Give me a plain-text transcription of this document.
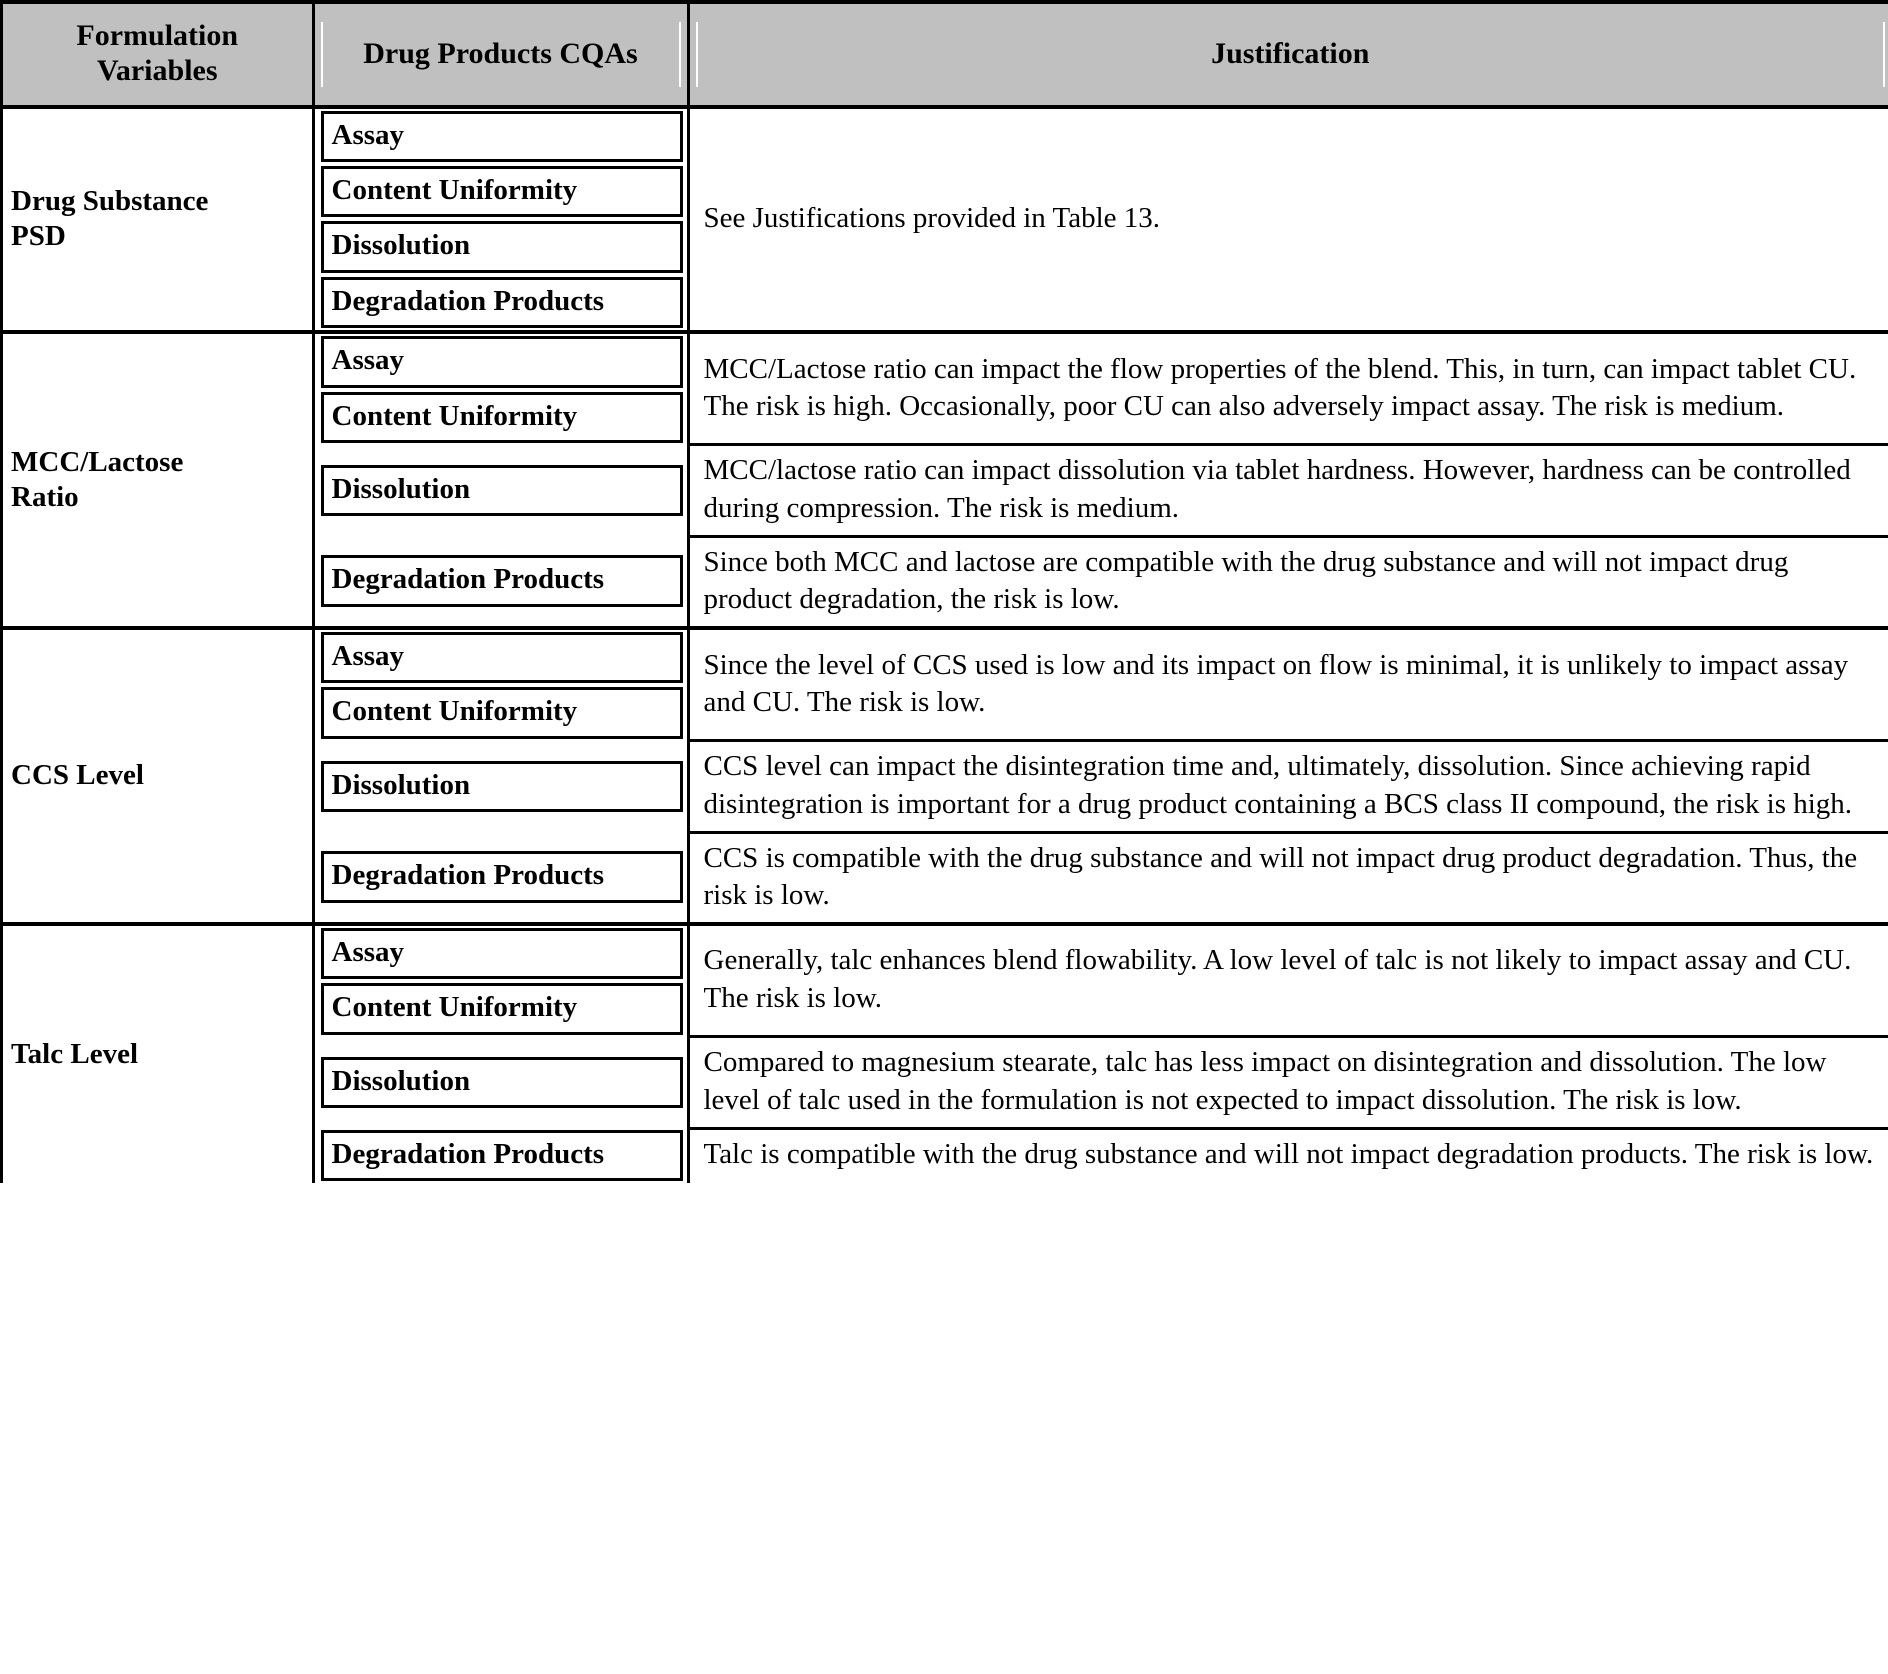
Formulation
Variables	Drug Products CQAs	Justification

Drug Substance
PSD	Assay	See Justifications provided in Table 13.

Content Uniformity	

Dissolution	

Degradation Products	

MCC/Lactose
Ratio	Assay	MCC/Lactose ratio can impact the flow properties of the blend. This, in turn, can impact tablet CU. The risk is high. Occasionally, poor CU can also adversely impact assay. The risk is medium.

Content Uniformity	

Dissolution	MCC/lactose ratio can impact dissolution via tablet hardness. However, hardness can be controlled during compression. The risk is medium.

Degradation Products	Since both MCC and lactose are compatible with the drug substance and will not impact drug product degradation, the risk is low.

CCS Level	Assay	Since the level of CCS used is low and its impact on flow is minimal, it is unlikely to impact assay and CU. The risk is low.

Content Uniformity	

Dissolution	CCS level can impact the disintegration time and, ultimately, dissolution. Since achieving rapid disintegration is important for a drug product containing a BCS class II compound, the risk is high.

Degradation Products	CCS is compatible with the drug substance and will not impact drug product degradation. Thus, the risk is low.

Talc Level	Assay	Generally, talc enhances blend flowability. A low level of talc is not likely to impact assay and CU. The risk is low.

Content Uniformity	

Dissolution	Compared to magnesium stearate, talc has less impact on disintegration and dissolution. The low level of talc used in the formulation is not expected to impact dissolution. The risk is low.

Degradation Products	Talc is compatible with the drug substance and will not impact degradation products. The risk is low.
